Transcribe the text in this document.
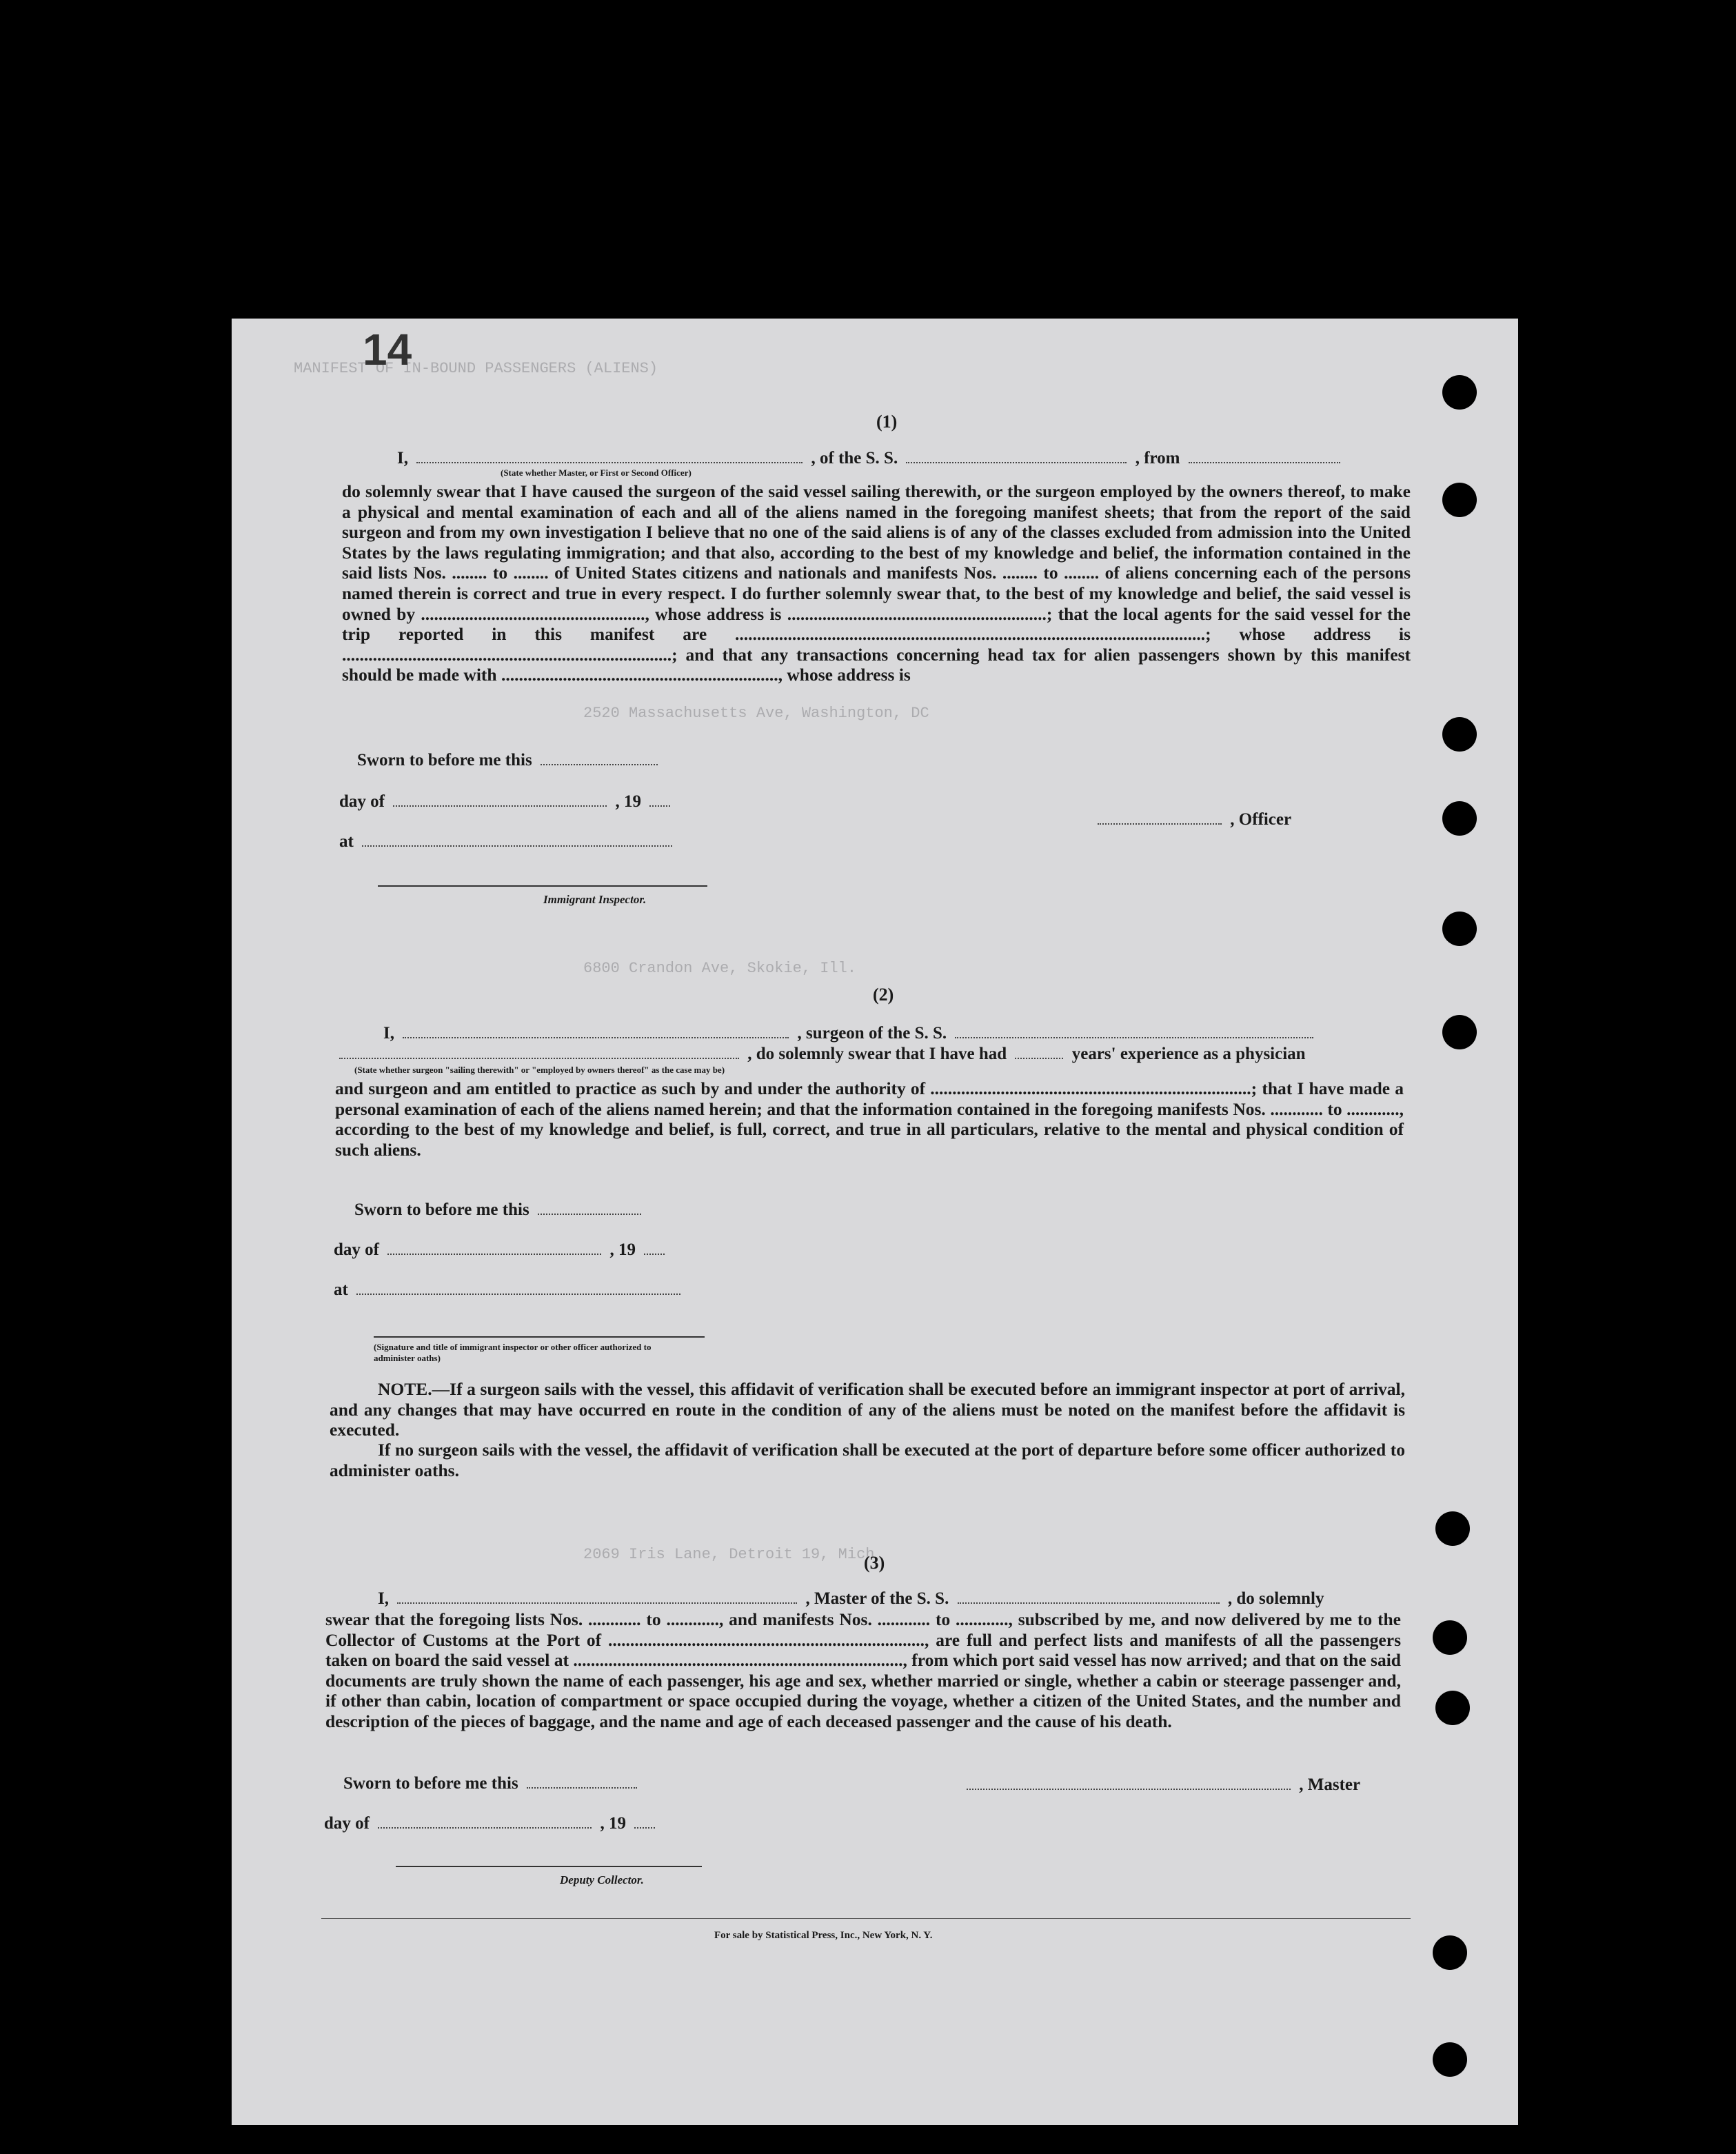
MANIFEST OF IN-BOUND PASSENGERS (ALIENS)
2520 Massachusetts Ave, Washington, DC
6800 Crandon Ave, Skokie, Ill.
2069 Iris Lane, Detroit 19, Mich
14
(1)
I,	, of the S. S.	, from
(State whether Master, or First or Second Officer)
do solemnly swear that I have caused the surgeon of the said vessel sailing therewith, or the surgeon employed by the owners thereof, to make a physical and mental examination of each and all of the aliens named in the foregoing manifest sheets; that from the report of the said surgeon and from my own investigation I believe that no one of the said aliens is of any of the classes excluded from admission into the United States by the laws regulating immigration; and that also, according to the best of my knowledge and belief, the information contained in the said lists Nos. ........ to ........ of United States citizens and nationals and manifests Nos. ........ to ........ of aliens concerning each of the persons named therein is correct and true in every respect. I do further solemnly swear that, to the best of my knowledge and belief, the said vessel is owned by ..................................................., whose address is ...........................................................; that the local agents for the said vessel for the trip reported in this manifest are ...........................................................................................................; whose address is ...........................................................................; and that any transactions concerning head tax for alien passengers shown by this manifest should be made with ..............................................................., whose address is
Sworn to before me this
day of	, 19
, Officer
at
Immigrant Inspector.
(2)
I,	, surgeon of the S. S.
, do solemnly swear that I have had	years' experience as a physician
(State whether surgeon "sailing therewith" or "employed by owners thereof" as the case may be)
and surgeon and am entitled to practice as such by and under the authority of .........................................................................; that I have made a personal examination of each of the aliens named herein; and that the information contained in the foregoing manifests Nos. ............ to ............, according to the best of my knowledge and belief, is full, correct, and true in all particulars, relative to the mental and physical condition of such aliens.
Sworn to before me this
day of	, 19
at
(Signature and title of immigrant inspector or other officer authorized to administer oaths)
NOTE.—If a surgeon sails with the vessel, this affidavit of verification shall be executed before an immigrant inspector at port of arrival, and any changes that may have occurred en route in the condition of any of the aliens must be noted on the manifest before the affidavit is executed.
If no surgeon sails with the vessel, the affidavit of verification shall be executed at the port of departure before some officer authorized to administer oaths.
(3)
I,	, Master of the S. S.	, do solemnly
swear that the foregoing lists Nos. ............ to ............, and manifests Nos. ............ to ............, subscribed by me, and now delivered by me to the Collector of Customs at the Port of ........................................................................, are full and perfect lists and manifests of all the passengers taken on board the said vessel at ..........................................................................., from which port said vessel has now arrived; and that on the said documents are truly shown the name of each passenger, his age and sex, whether married or single, whether a cabin or steerage passenger and, if other than cabin, location of compartment or space occupied during the voyage, whether a citizen of the United States, and the number and description of the pieces of baggage, and the name and age of each deceased passenger and the cause of his death.
Sworn to before me this	, Master
day of	, 19
Deputy Collector.
For sale by Statistical Press, Inc., New York, N. Y.
